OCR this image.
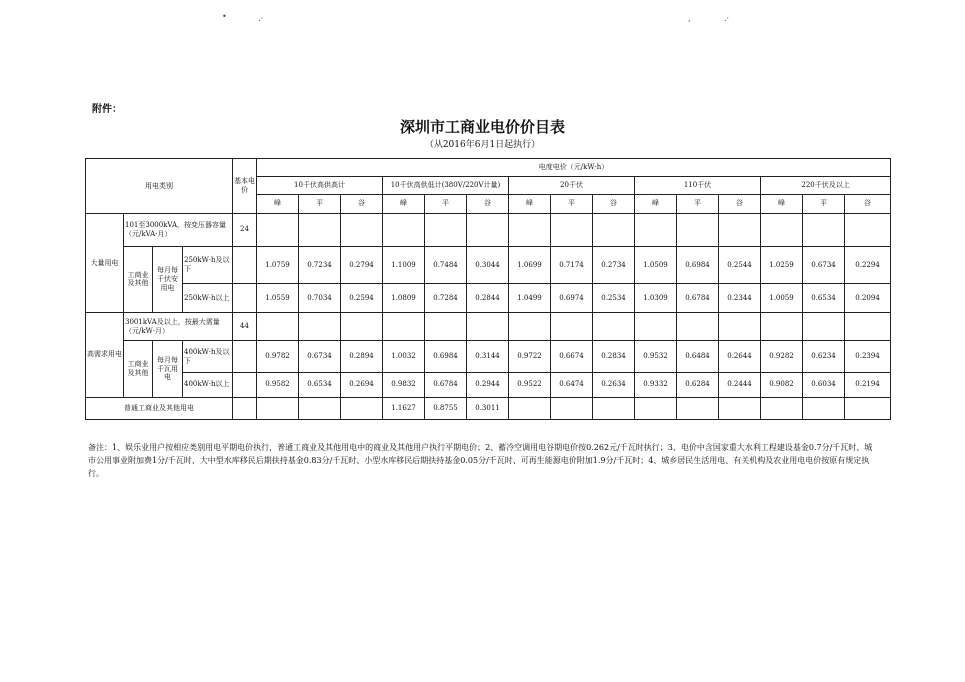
•	.·	,	.·
附件：
深圳市工商业电价价目表
（从2016年6月1日起执行）
用电类别				基本电价	电度电价（元/kW·h）														
					10千伏高供高计			10千伏高供低计(380V/220V计量)			20千伏			110千伏			220千伏及以上		
					峰	平	谷	峰	平	谷	峰	平	谷	峰	平	谷	峰	平	谷
大量用电	101至3000kVA，按变压器容量（元/kVA·月）			24															
	工商业及其他	每月每千伏安用电	250kW·h及以下		1.0759	0.7234	0.2794	1.1009	0.7484	0.3044	1.0699	0.7174	0.2734	1.0509	0.6984	0.2544	1.0259	0.6734	0.2294
			250kW·h以上		1.0559	0.7034	0.2594	1.0809	0.7284	0.2844	1.0499	0.6974	0.2534	1.0309	0.6784	0.2344	1.0059	0.6534	0.2094
高需求用电	3001kVA及以上，按最大需量（元/kW·月）			44															
	工商业及其他	每月每千瓦用电	400kW·h及以下		0.9782	0.6734	0.2894	1.0032	0.6984	0.3144	0.9722	0.6674	0.2834	0.9532	0.6484	0.2644	0.9282	0.6234	0.2394
			400kW·h以上		0.9582	0.6534	0.2694	0.9832	0.6784	0.2944	0.9522	0.6474	0.2634	0.9332	0.6284	0.2444	0.9082	0.6034	0.2194
普通工商业及其他用电								1.1627	0.8755	0.3011									
备注：1、娱乐业用户按相应类别用电平期电价执行，普通工商业及其他用电中的商业及其他用户执行平期电价；2、蓄冷空调用电谷期电价按0.262元/千瓦时执行；3、电价中含国家重大水利工程建设基金0.7分/千瓦时、城市公用事业附加费1分/千瓦时、大中型水库移民后期扶持基金0.83分/千瓦时、小型水库移民后期扶持基金0.05分/千瓦时、可再生能源电价附加1.9分/千瓦时；4、城乡居民生活用电、有关机构及农业用电电价按原有规定执行。
